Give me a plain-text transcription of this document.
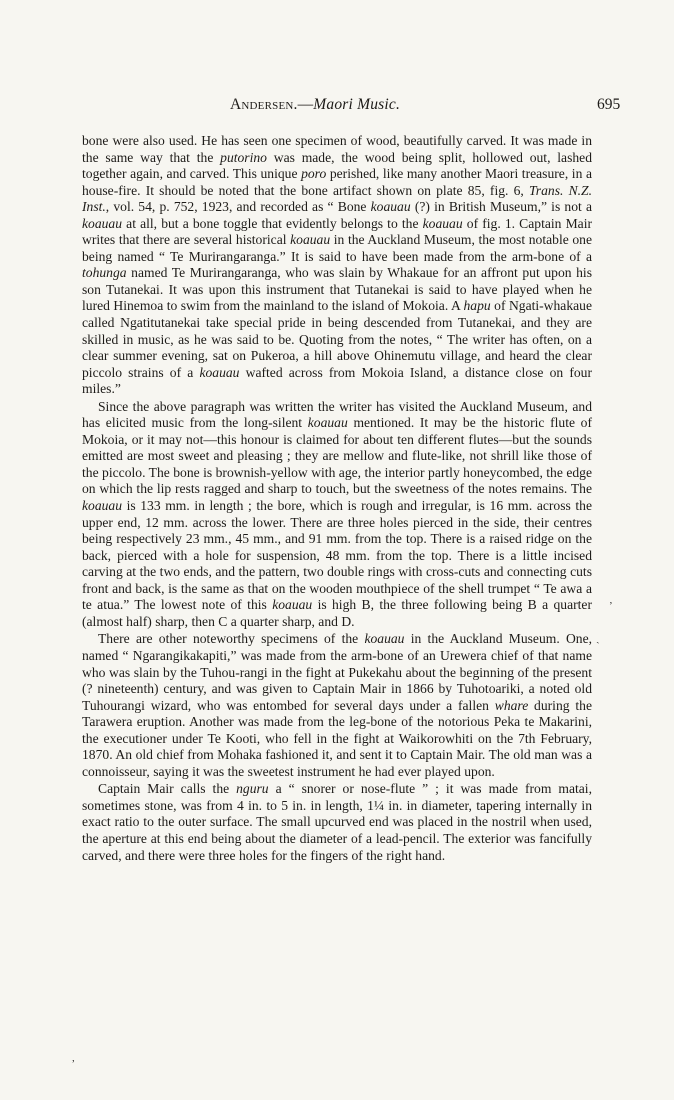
Andersen.—Maori Music.	695

bone were also used. He has seen one specimen of wood, beautifully carved. It was made in the same way that the putorino was made, the wood being split, hollowed out, lashed together again, and carved. This unique poro perished, like many another Maori treasure, in a house-fire. It should be noted that the bone artifact shown on plate 85, fig. 6, Trans. N.Z. Inst., vol. 54, p. 752, 1923, and recorded as “ Bone koauau (?) in British Museum,” is not a koauau at all, but a bone toggle that evidently belongs to the koauau of fig. 1. Captain Mair writes that there are several historical koauau in the Auckland Museum, the most notable one being named “ Te Murirangaranga.” It is said to have been made from the arm-bone of a tohunga named Te Murirangaranga, who was slain by Whakaue for an affront put upon his son Tutanekai. It was upon this instrument that Tutanekai is said to have played when he lured Hinemoa to swim from the mainland to the island of Mokoia. A hapu of Ngati-whakaue called Ngatitutanekai take special pride in being descended from Tutanekai, and they are skilled in music, as he was said to be. Quoting from the notes, “ The writer has often, on a clear summer evening, sat on Pukeroa, a hill above Ohinemutu village, and heard the clear piccolo strains of a koauau wafted across from Mokoia Island, a distance close on four miles.”

Since the above paragraph was written the writer has visited the Auckland Museum, and has elicited music from the long-silent koauau mentioned. It may be the historic flute of Mokoia, or it may not—this honour is claimed for about ten different flutes—but the sounds emitted are most sweet and pleasing ; they are mellow and flute-like, not shrill like those of the piccolo. The bone is brownish-yellow with age, the interior partly honeycombed, the edge on which the lip rests ragged and sharp to touch, but the sweetness of the notes remains. The koauau is 133 mm. in length ; the bore, which is rough and irregular, is 16 mm. across the upper end, 12 mm. across the lower. There are three holes pierced in the side, their centres being respectively 23 mm., 45 mm., and 91 mm. from the top. There is a raised ridge on the back, pierced with a hole for suspension, 48 mm. from the top. There is a little incised carving at the two ends, and the pattern, two double rings with cross-cuts and connecting cuts front and back, is the same as that on the wooden mouthpiece of the shell trumpet “ Te awa a te atua.” The lowest note of this koauau is high B, the three following being B a quarter (almost half) sharp, then C a quarter sharp, and D.

There are other noteworthy specimens of the koauau in the Auckland Museum. One, named “ Ngarangikakapiti,” was made from the arm-bone of an Urewera chief of that name who was slain by the Tuhou-rangi in the fight at Pukekahu about the beginning of the present (? nineteenth) century, and was given to Captain Mair in 1866 by Tuhotoariki, a noted old Tuhourangi wizard, who was entombed for several days under a fallen whare during the Tarawera eruption. Another was made from the leg-bone of the notorious Peka te Makarini, the executioner under Te Kooti, who fell in the fight at Waikorowhiti on the 7th February, 1870. An old chief from Mohaka fashioned it, and sent it to Captain Mair. The old man was a connoisseur, saying it was the sweetest instrument he had ever played upon.

Captain Mair calls the nguru a “ snorer or nose-flute ” ; it was made from matai, sometimes stone, was from 4 in. to 5 in. in length, 1¼ in. in diameter, tapering internally in exact ratio to the outer surface. The small upcurved end was placed in the nostril when used, the aperture at this end being about the diameter of a lead-pencil. The exterior was fancifully carved, and there were three holes for the fingers of the right hand.

ʼ
ˎ
,
